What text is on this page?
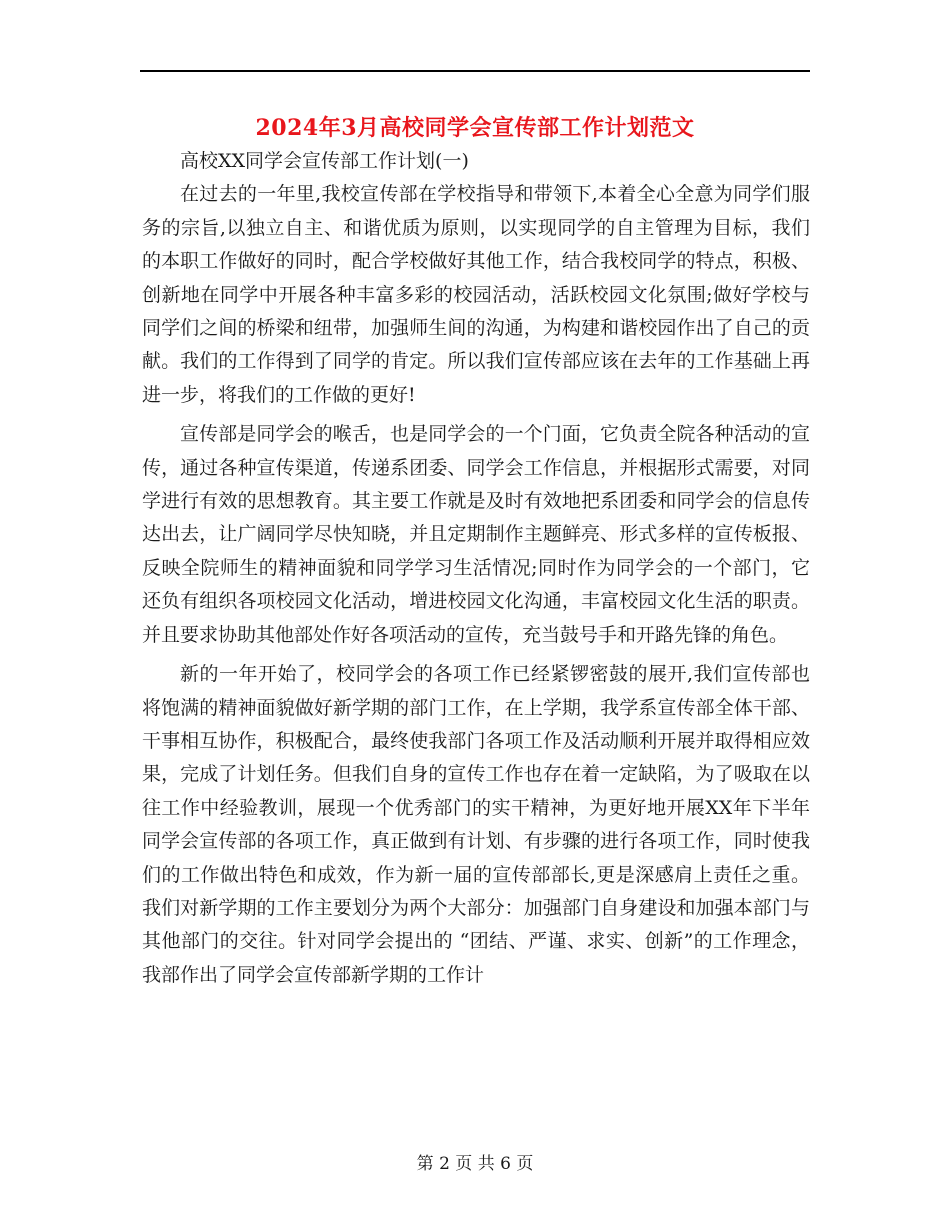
2024年3月高校同学会宣传部工作计划范文

高校XX同学会宣传部工作计划(一)

在过去的一年里,我校宣传部在学校指导和带领下,本着全心全意为同学们服务的宗旨,以独立自主、和谐优质为原则，以实现同学的自主管理为目标，我们的本职工作做好的同时，配合学校做好其他工作，结合我校同学的特点，积极、创新地在同学中开展各种丰富多彩的校园活动，活跃校园文化氛围;做好学校与同学们之间的桥梁和纽带，加强师生间的沟通，为构建和谐校园作出了自己的贡献。我们的工作得到了同学的肯定。所以我们宣传部应该在去年的工作基础上再进一步，将我们的工作做的更好!

宣传部是同学会的喉舌，也是同学会的一个门面，它负责全院各种活动的宣传，通过各种宣传渠道，传递系团委、同学会工作信息，并根据形式需要，对同学进行有效的思想教育。其主要工作就是及时有效地把系团委和同学会的信息传达出去，让广阔同学尽快知晓，并且定期制作主题鲜亮、形式多样的宣传板报、反映全院师生的精神面貌和同学学习生活情况;同时作为同学会的一个部门，它还负有组织各项校园文化活动，增进校园文化沟通，丰富校园文化生活的职责。并且要求协助其他部处作好各项活动的宣传，充当鼓号手和开路先锋的角色。

新的一年开始了，校同学会的各项工作已经紧锣密鼓的展开,我们宣传部也将饱满的精神面貌做好新学期的部门工作，在上学期，我学系宣传部全体干部、干事相互协作，积极配合，最终使我部门各项工作及活动顺利开展并取得相应效果，完成了计划任务。但我们自身的宣传工作也存在着一定缺陷，为了吸取在以往工作中经验教训，展现一个优秀部门的实干精神，为更好地开展XX年下半年同学会宣传部的各项工作，真正做到有计划、有步骤的进行各项工作，同时使我们的工作做出特色和成效，作为新一届的宣传部部长,更是深感肩上责任之重。我们对新学期的工作主要划分为两个大部分：加强部门自身建设和加强本部门与其他部门的交往。针对同学会提出的 “团结、严谨、求实、创新”的工作理念，我部作出了同学会宣传部新学期的工作计

第 2 页 共 6 页
